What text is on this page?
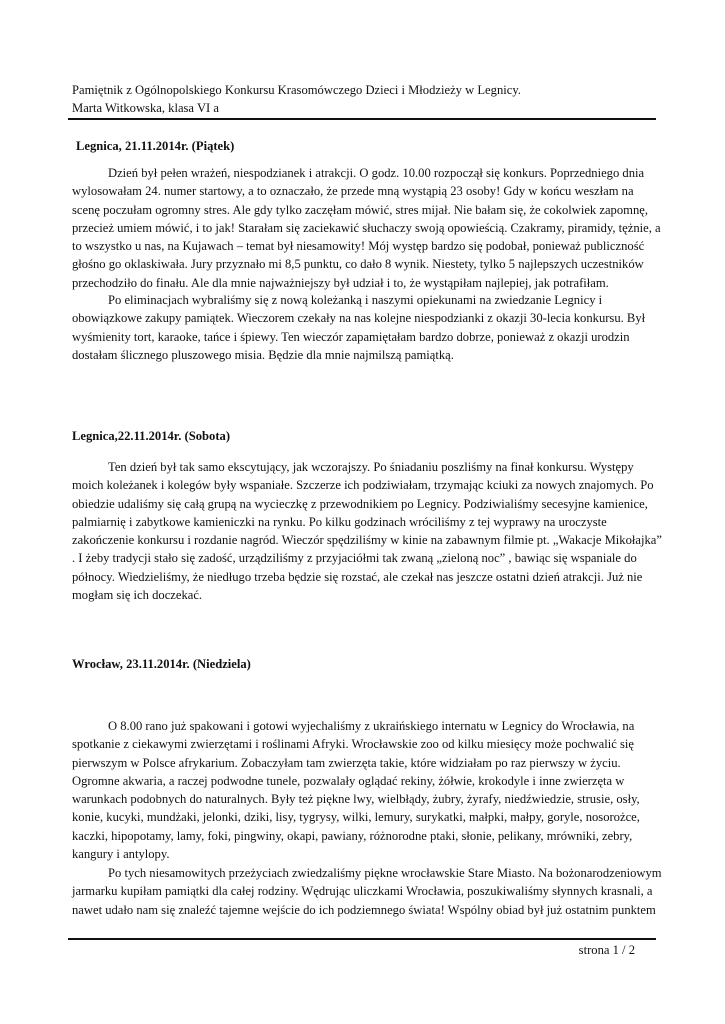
Pamiętnik z Ogólnopolskiego Konkursu Krasomówczego Dzieci i Młodzieży w Legnicy.
Marta Witkowska, klasa VI a
Legnica, 21.11.2014r. (Piątek)

Dzień był pełen wrażeń, niespodzianek i atrakcji. O godz. 10.00 rozpoczął się konkurs. Poprzedniego dnia wylosowałam 24. numer startowy, a to oznaczało, że przede mną wystąpią 23 osoby! Gdy w końcu weszłam na scenę poczułam ogromny stres. Ale gdy tylko zaczęłam mówić, stres mijał. Nie bałam się, że cokolwiek zapomnę, przecież umiem mówić, i to jak! Starałam się zaciekawić słuchaczy swoją opowieścią. Czakramy, piramidy, tężnie, a to wszystko u nas, na Kujawach – temat był niesamowity! Mój występ bardzo się podobał, ponieważ publiczność głośno go oklaskiwała. Jury przyznało mi 8,5 punktu, co dało 8 wynik. Niestety, tylko 5 najlepszych uczestników przechodziło do finału. Ale dla mnie najważniejszy był udział i to, że wystąpiłam najlepiej, jak potrafiłam.

Po eliminacjach wybraliśmy się z nową koleżanką i naszymi opiekunami na zwiedzanie Legnicy i obowiązkowe zakupy pamiątek. Wieczorem czekały na nas kolejne niespodzianki z okazji 30-lecia konkursu. Był wyśmienity tort, karaoke, tańce i śpiewy. Ten wieczór zapamiętałam bardzo dobrze, ponieważ z okazji urodzin dostałam ślicznego pluszowego misia. Będzie dla mnie najmilszą pamiątką.

Legnica,22.11.2014r. (Sobota)

Ten dzień był tak samo ekscytujący, jak wczorajszy. Po śniadaniu poszliśmy na finał konkursu. Występy moich koleżanek i kolegów były wspaniałe. Szczerze ich podziwiałam, trzymając kciuki za nowych znajomych. Po obiedzie udaliśmy się całą grupą na wycieczkę z przewodnikiem po Legnicy. Podziwialiśmy secesyjne kamienice, palmiarnię i zabytkowe kamieniczki na rynku. Po kilku godzinach wróciliśmy z tej wyprawy na uroczyste zakończenie konkursu i rozdanie nagród. Wieczór spędziliśmy w kinie na zabawnym filmie pt. „Wakacje Mikołajka” . I żeby tradycji stało się zadość, urządziliśmy z przyjaciółmi tak zwaną „zieloną noc” , bawiąc się wspaniale do północy. Wiedzieliśmy, że niedługo trzeba będzie się rozstać, ale czekał nas jeszcze ostatni dzień atrakcji. Już nie mogłam się ich doczekać.

Wrocław, 23.11.2014r. (Niedziela)

O 8.00 rano już spakowani i gotowi wyjechaliśmy z ukraińskiego internatu w Legnicy do Wrocławia, na spotkanie z ciekawymi zwierzętami i roślinami Afryki. Wrocławskie zoo od kilku miesięcy może pochwalić się pierwszym w Polsce afrykarium. Zobaczyłam tam zwierzęta takie, które widziałam po raz pierwszy w życiu. Ogromne akwaria, a raczej podwodne tunele, pozwalały oglądać rekiny, żółwie, krokodyle i inne zwierzęta w warunkach podobnych do naturalnych. Były też piękne lwy, wielbłądy, żubry, żyrafy, niedźwiedzie, strusie, osły, konie, kucyki, mundżaki, jelonki, dziki, lisy, tygrysy, wilki, lemury, surykatki, małpki, małpy, goryle, nosorożce, kaczki, hipopotamy, lamy, foki, pingwiny, okapi, pawiany, różnorodne ptaki, słonie, pelikany, mrówniki, zebry, kangury i antylopy.

Po tych niesamowitych przeżyciach zwiedzaliśmy piękne wrocławskie Stare Miasto. Na bożonarodzeniowym jarmarku kupiłam pamiątki dla całej rodziny. Wędrując uliczkami Wrocławia, poszukiwaliśmy słynnych krasnali, a nawet udało nam się znaleźć tajemne wejście do ich podziemnego świata! Wspólny obiad był już ostatnim punktem

strona 1 / 2
